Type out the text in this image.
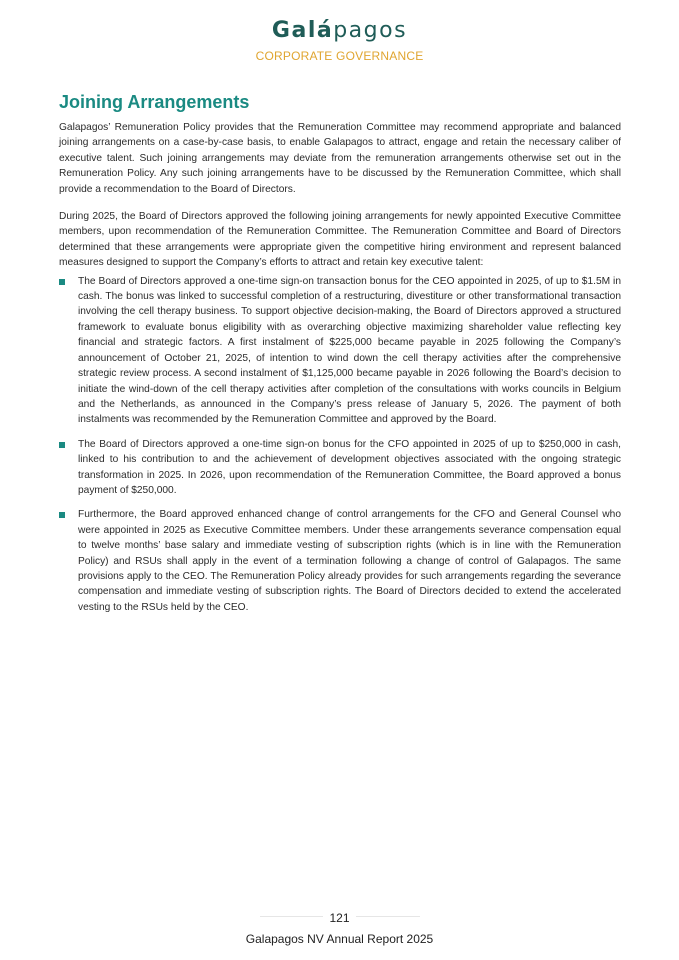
Galápagos
CORPORATE GOVERNANCE
Joining Arrangements

Galapagos’ Remuneration Policy provides that the Remuneration Committee may recommend appropriate and balanced joining arrangements on a case-by-case basis, to enable Galapagos to attract, engage and retain the necessary caliber of executive talent. Such joining arrangements may deviate from the remuneration arrangements otherwise set out in the Remuneration Policy. Any such joining arrangements have to be discussed by the Remuneration Committee, which shall provide a recommendation to the Board of Directors.

During 2025, the Board of Directors approved the following joining arrangements for newly appointed Executive Committee members, upon recommendation of the Remuneration Committee. The Remuneration Committee and Board of Directors determined that these arrangements were appropriate given the competitive hiring environment and represent balanced measures designed to support the Company’s efforts to attract and retain key executive talent:

The Board of Directors approved a one-time sign-on transaction bonus for the CEO appointed in 2025, of up to $1.5M in cash. The bonus was linked to successful completion of a restructuring, divestiture or other transformational transaction involving the cell therapy business. To support objective decision-making, the Board of Directors approved a structured framework to evaluate bonus eligibility with as overarching objective maximizing shareholder value reflecting key financial and strategic factors. A first instalment of $225,000 became payable in 2025 following the Company’s announcement of October 21, 2025, of intention to wind down the cell therapy activities after the comprehensive strategic review process. A second instalment of $1,125,000 became payable in 2026 following the Board’s decision to initiate the wind-down of the cell therapy activities after completion of the consultations with works councils in Belgium and the Netherlands, as announced in the Company’s press release of January 5, 2026. The payment of both instalments was recommended by the Remuneration Committee and approved by the Board.
The Board of Directors approved a one-time sign-on bonus for the CFO appointed in 2025 of up to $250,000 in cash, linked to his contribution to and the achievement of development objectives associated with the ongoing strategic transformation in 2025. In 2026, upon recommendation of the Remuneration Committee, the Board approved a bonus payment of $250,000.
Furthermore, the Board approved enhanced change of control arrangements for the CFO and General Counsel who were appointed in 2025 as Executive Committee members. Under these arrangements severance compensation equal to twelve months’ base salary and immediate vesting of subscription rights (which is in line with the Remuneration Policy) and RSUs shall apply in the event of a termination following a change of control of Galapagos. The same provisions apply to the CEO. The Remuneration Policy already provides for such arrangements regarding the severance compensation and immediate vesting of subscription rights. The Board of Directors decided to extend the accelerated vesting to the RSUs held by the CEO.
121
Galapagos NV Annual Report 2025
